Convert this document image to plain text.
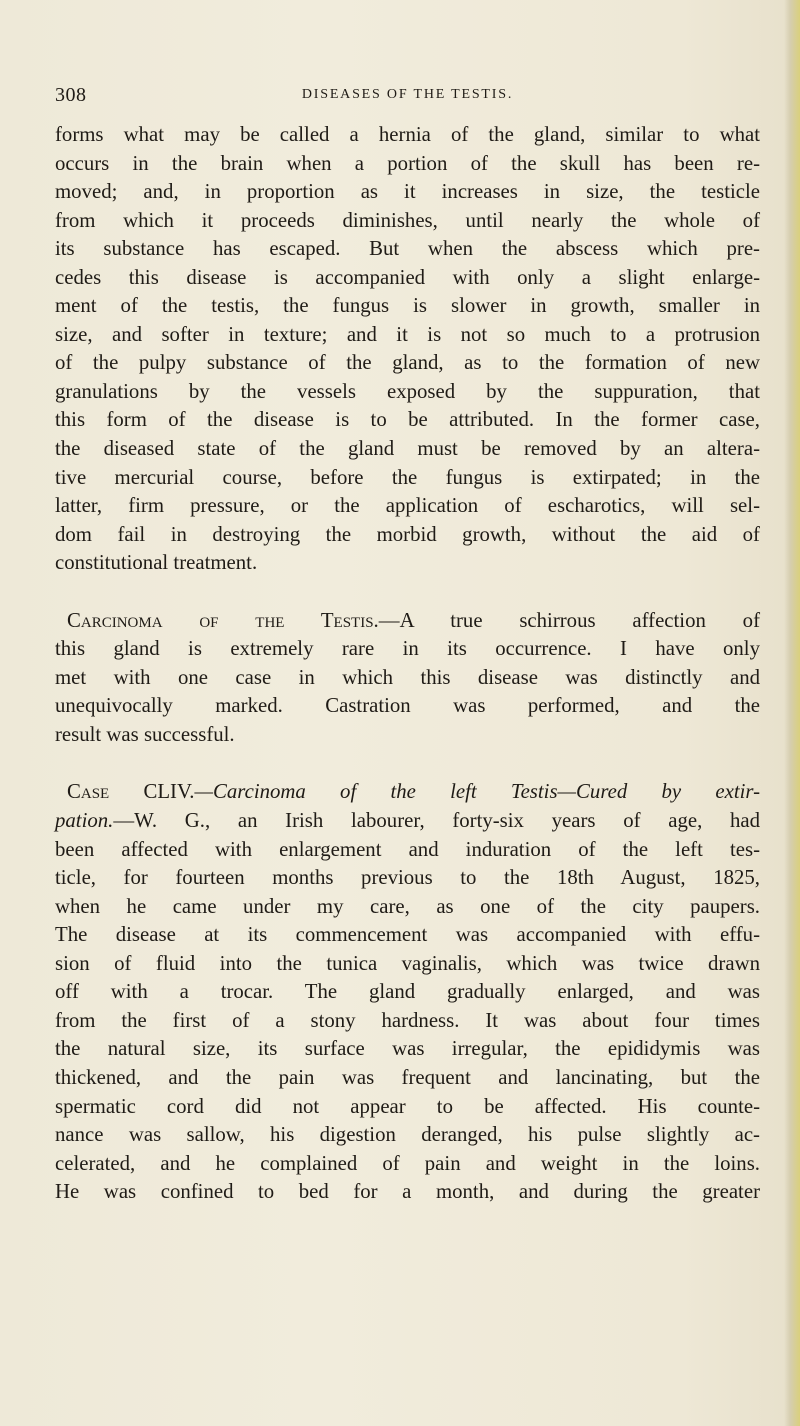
308	DISEASES OF THE TESTIS.
forms what may be called a hernia of the gland, similar to what
occurs in the brain when a portion of the skull has been re-
moved; and, in proportion as it increases in size, the testicle
from which it proceeds diminishes, until nearly the whole of
its substance has escaped. But when the abscess which pre-
cedes this disease is accompanied with only a slight enlarge-
ment of the testis, the fungus is slower in growth, smaller in
size, and softer in texture; and it is not so much to a protrusion
of the pulpy substance of the gland, as to the formation of new
granulations by the vessels exposed by the suppuration, that
this form of the disease is to be attributed. In the former case,
the diseased state of the gland must be removed by an altera-
tive mercurial course, before the fungus is extirpated; in the
latter, firm pressure, or the application of escharotics, will sel-
dom fail in destroying the morbid growth, without the aid of
constitutional treatment.
Carcinoma of the Testis.—A true schirrous affection of
this gland is extremely rare in its occurrence. I have only
met with one case in which this disease was distinctly and
unequivocally marked. Castration was performed, and the
result was successful.
Case CLIV.—Carcinoma of the left Testis—Cured by extir-
pation.—W. G., an Irish labourer, forty-six years of age, had
been affected with enlargement and induration of the left tes-
ticle, for fourteen months previous to the 18th August, 1825,
when he came under my care, as one of the city paupers.
The disease at its commencement was accompanied with effu-
sion of fluid into the tunica vaginalis, which was twice drawn
off with a trocar. The gland gradually enlarged, and was
from the first of a stony hardness. It was about four times
the natural size, its surface was irregular, the epididymis was
thickened, and the pain was frequent and lancinating, but the
spermatic cord did not appear to be affected. His counte-
nance was sallow, his digestion deranged, his pulse slightly ac-
celerated, and he complained of pain and weight in the loins.
He was confined to bed for a month, and during the greater
